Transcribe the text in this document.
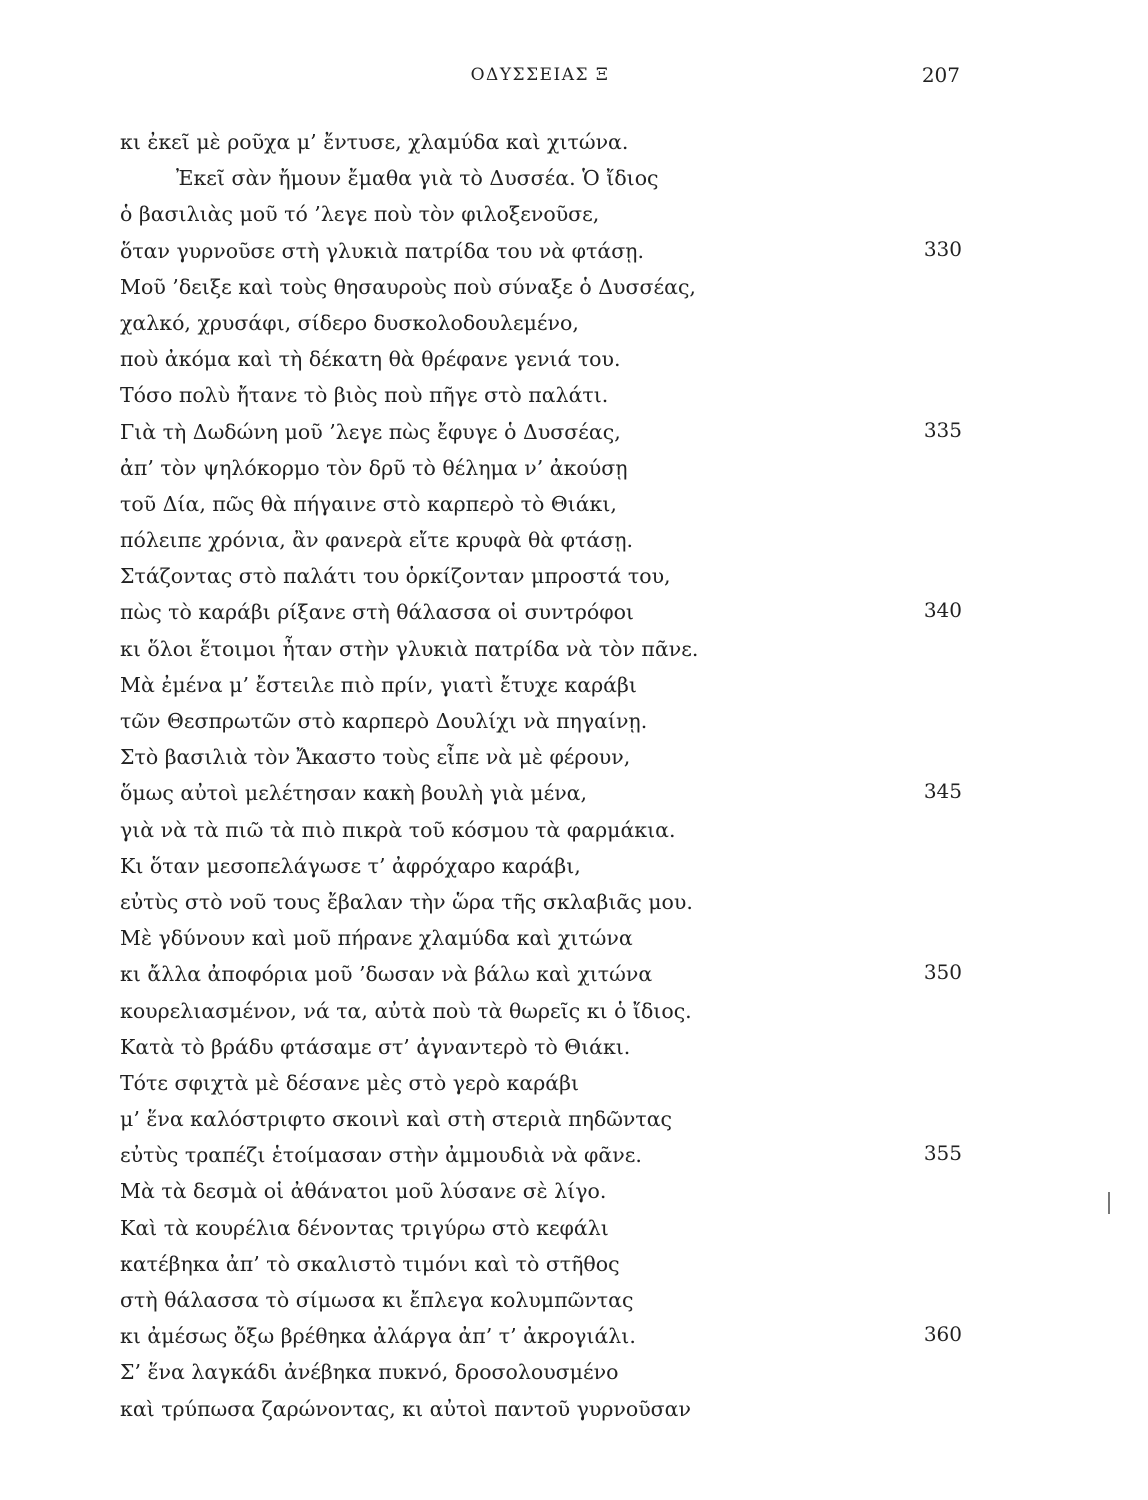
ΟΔΥΣΣΕΙΑΣ Ξ	207
κι ἐκεῖ μὲ ροῦχα μ’ ἔντυσε, χλαμύδα καὶ χιτώνα.
Ἐκεῖ σὰν ἤμουν ἔμαθα γιὰ τὸ Δυσσέα. Ὁ ἴδιος
ὁ βασιλιὰς μοῦ τό ’λεγε ποὺ τὸν φιλοξενοῦσε,
ὅταν γυρνοῦσε στὴ γλυκιὰ πατρίδα του νὰ φτάσῃ.	330
Μοῦ ’δειξε καὶ τοὺς θησαυροὺς ποὺ σύναξε ὁ Δυσσέας,
χαλκό, χρυσάφι, σίδερο δυσκολοδουλεμένο,
ποὺ ἀκόμα καὶ τὴ δέκατη θὰ θρέφανε γενιά του.
Τόσο πολὺ ἤτανε τὸ βιὸς ποὺ πῆγε στὸ παλάτι.
Γιὰ τὴ Δωδώνη μοῦ ’λεγε πὼς ἔφυγε ὁ Δυσσέας,	335
ἀπ’ τὸν ψηλόκορμο τὸν δρῦ τὸ θέλημα ν’ ἀκούσῃ
τοῦ Δία, πῶς θὰ πήγαινε στὸ καρπερὸ τὸ Θιάκι,
πόλειπε χρόνια, ἂν φανερὰ εἴτε κρυφὰ θὰ φτάσῃ.
Στάζοντας στὸ παλάτι του ὁρκίζονταν μπροστά του,
πὼς τὸ καράβι ρίξανε στὴ θάλασσα οἱ συντρόφοι	340
κι ὅλοι ἕτοιμοι ἦταν στὴν γλυκιὰ πατρίδα νὰ τὸν πᾶνε.
Μὰ ἐμένα μ’ ἔστειλε πιὸ πρίν, γιατὶ ἔτυχε καράβι
τῶν Θεσπρωτῶν στὸ καρπερὸ Δουλίχι νὰ πηγαίνῃ.
Στὸ βασιλιὰ τὸν Ἄκαστο τοὺς εἶπε νὰ μὲ φέρουν,
ὅμως αὐτοὶ μελέτησαν κακὴ βουλὴ γιὰ μένα,	345
γιὰ νὰ τὰ πιῶ τὰ πιὸ πικρὰ τοῦ κόσμου τὰ φαρμάκια.
Κι ὅταν μεσοπελάγωσε τ’ ἀφρόχαρο καράβι,
εὐτὺς στὸ νοῦ τους ἔβαλαν τὴν ὥρα τῆς σκλαβιᾶς μου.
Μὲ γδύνουν καὶ μοῦ πήρανε χλαμύδα καὶ χιτώνα
κι ἄλλα ἀποφόρια μοῦ ’δωσαν νὰ βάλω καὶ χιτώνα	350
κουρελιασμένον, νά τα, αὐτὰ ποὺ τὰ θωρεῖς κι ὁ ἴδιος.
Κατὰ τὸ βράδυ φτάσαμε στ’ ἀγναντερὸ τὸ Θιάκι.
Τότε σφιχτὰ μὲ δέσανε μὲς στὸ γερὸ καράβι
μ’ ἕνα καλόστριφτο σκοινὶ καὶ στὴ στεριὰ πηδῶντας
εὐτὺς τραπέζι ἑτοίμασαν στὴν ἀμμουδιὰ νὰ φᾶνε.	355
Μὰ τὰ δεσμὰ οἱ ἀθάνατοι μοῦ λύσανε σὲ λίγο.
Καὶ τὰ κουρέλια δένοντας τριγύρω στὸ κεφάλι
κατέβηκα ἀπ’ τὸ σκαλιστὸ τιμόνι καὶ τὸ στῆθος
στὴ θάλασσα τὸ σίμωσα κι ἔπλεγα κολυμπῶντας
κι ἀμέσως ὄξω βρέθηκα ἀλάργα ἀπ’ τ’ ἀκρογιάλι.	360
Σ’ ἕνα λαγκάδι ἀνέβηκα πυκνό, δροσολουσμένο
καὶ τρύπωσα ζαρώνοντας, κι αὐτοὶ παντοῦ γυρνοῦσαν
